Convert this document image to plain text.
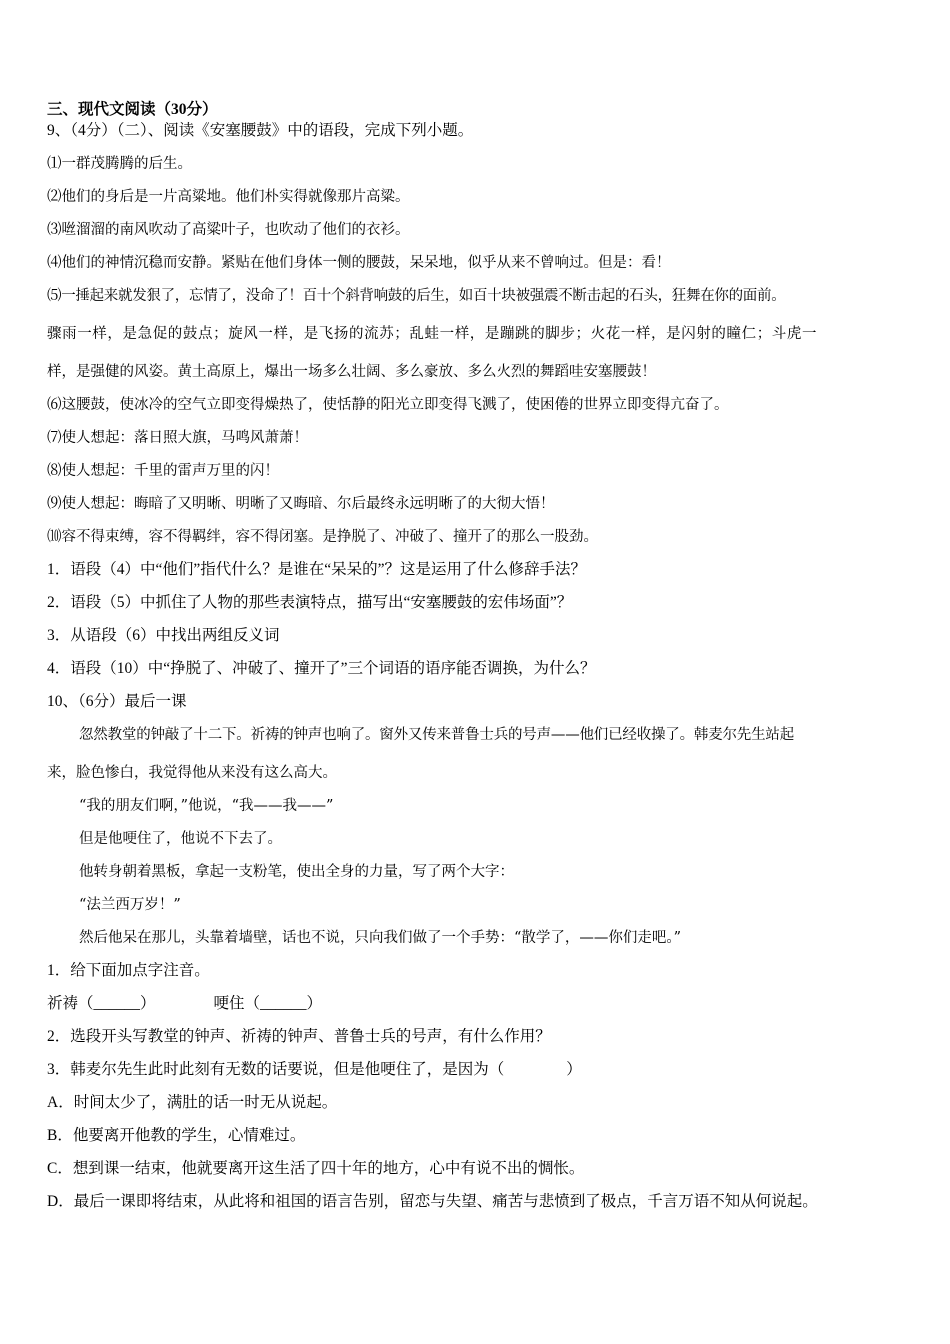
三、现代文阅读（30分）

9、（4分）（二）、阅读《安塞腰鼓》中的语段，完成下列小题。

⑴一群茂腾腾的后生。

⑵他们的身后是一片高粱地。他们朴实得就像那片高粱。

⑶咝溜溜的南风吹动了高粱叶子，也吹动了他们的衣衫。

⑷他们的神情沉稳而安静。紧贴在他们身体一侧的腰鼓，呆呆地，似乎从来不曾响过。但是：看！

⑸一捶起来就发狠了，忘情了，没命了！百十个斜背响鼓的后生，如百十块被强震不断击起的石头，狂舞在你的面前。

骤雨一样，是急促的鼓点；旋风一样，是飞扬的流苏；乱蛙一样，是蹦跳的脚步；火花一样，是闪射的瞳仁；斗虎一

样，是强健的风姿。黄土高原上，爆出一场多么壮阔、多么豪放、多么火烈的舞蹈哇安塞腰鼓！

⑹这腰鼓，使冰冷的空气立即变得燥热了，使恬静的阳光立即变得飞溅了，使困倦的世界立即变得亢奋了。

⑺使人想起：落日照大旗，马鸣风萧萧！

⑻使人想起：千里的雷声万里的闪！

⑼使人想起：晦暗了又明晰、明晰了又晦暗、尔后最终永远明晰了的大彻大悟！

⑽容不得束缚，容不得羁绊，容不得闭塞。是挣脱了、冲破了、撞开了的那么一股劲。

1．语段（4）中“他们”指代什么？是谁在“呆呆的”？这是运用了什么修辞手法？

2．语段（5）中抓住了人物的那些表演特点，描写出“安塞腰鼓的宏伟场面”？

3．从语段（6）中找出两组反义词

4．语段（10）中“挣脱了、冲破了、撞开了”三个词语的语序能否调换，为什么？

10、（6分）最后一课

忽然教堂的钟敲了十二下。祈祷的钟声也响了。窗外又传来普鲁士兵的号声——他们已经收操了。韩麦尔先生站起

来，脸色惨白，我觉得他从来没有这么高大。

“我的朋友们啊，”他说，“我——我——”

但是他哽住了，他说不下去了。

他转身朝着黑板，拿起一支粉笔，使出全身的力量，写了两个大字：

“法兰西万岁！”

然后他呆在那儿，头靠着墙壁，话也不说，只向我们做了一个手势：“散学了，——你们走吧。”

1．给下面加点字注音。

祈祷（______）	哽住（______）

2．选段开头写教堂的钟声、祈祷的钟声、普鲁士兵的号声，有什么作用？

3．韩麦尔先生此时此刻有无数的话要说，但是他哽住了，是因为（　　　　）

A．时间太少了，满肚的话一时无从说起。

B．他要离开他教的学生，心情难过。

C．想到课一结束，他就要离开这生活了四十年的地方，心中有说不出的惆怅。

D．最后一课即将结束，从此将和祖国的语言告别，留恋与失望、痛苦与悲愤到了极点，千言万语不知从何说起。
